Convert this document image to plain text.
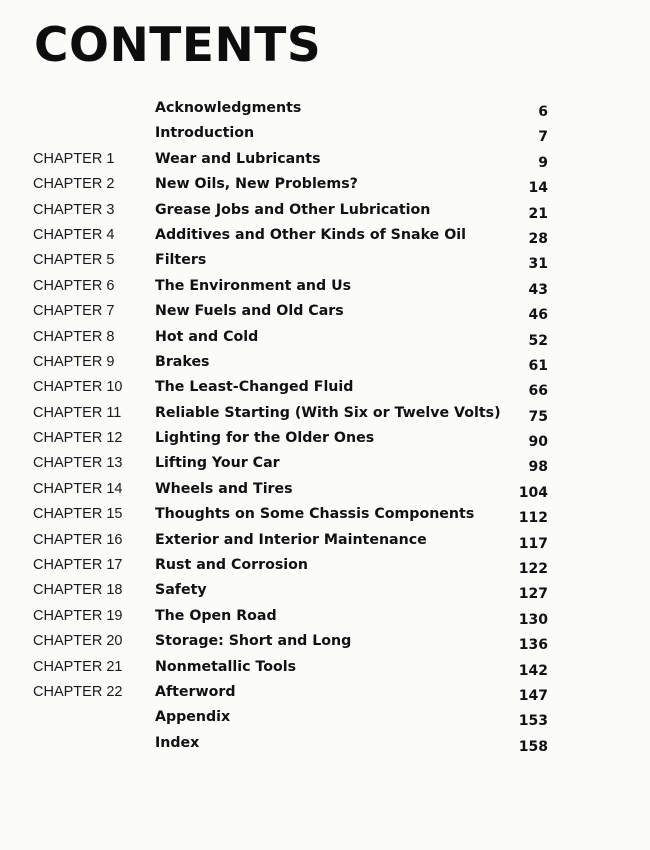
CONTENTS
Acknowledgments	6
Introduction	7
CHAPTER 1	Wear and Lubricants	9
CHAPTER 2	New Oils, New Problems?	14
CHAPTER 3	Grease Jobs and Other Lubrication	21
CHAPTER 4	Additives and Other Kinds of Snake Oil	28
CHAPTER 5	Filters	31
CHAPTER 6	The Environment and Us	43
CHAPTER 7	New Fuels and Old Cars	46
CHAPTER 8	Hot and Cold	52
CHAPTER 9	Brakes	61
CHAPTER 10 The Least-Changed Fluid	66
CHAPTER 11 Reliable Starting (With Six or Twelve Volts) 75
CHAPTER 12 Lighting for the Older Ones	90
CHAPTER 13 Lifting Your Car	98
CHAPTER 14 Wheels and Tires	104
CHAPTER 15 Thoughts on Some Chassis Components	112
CHAPTER 16 Exterior and Interior Maintenance	117
CHAPTER 17 Rust and Corrosion	122
CHAPTER 18 Safety	127
CHAPTER 19 The Open Road	130
CHAPTER 20 Storage: Short and Long	136
CHAPTER 21 Nonmetallic Tools	142
CHAPTER 22 Afterword	147
Appendix	153
Index	158
